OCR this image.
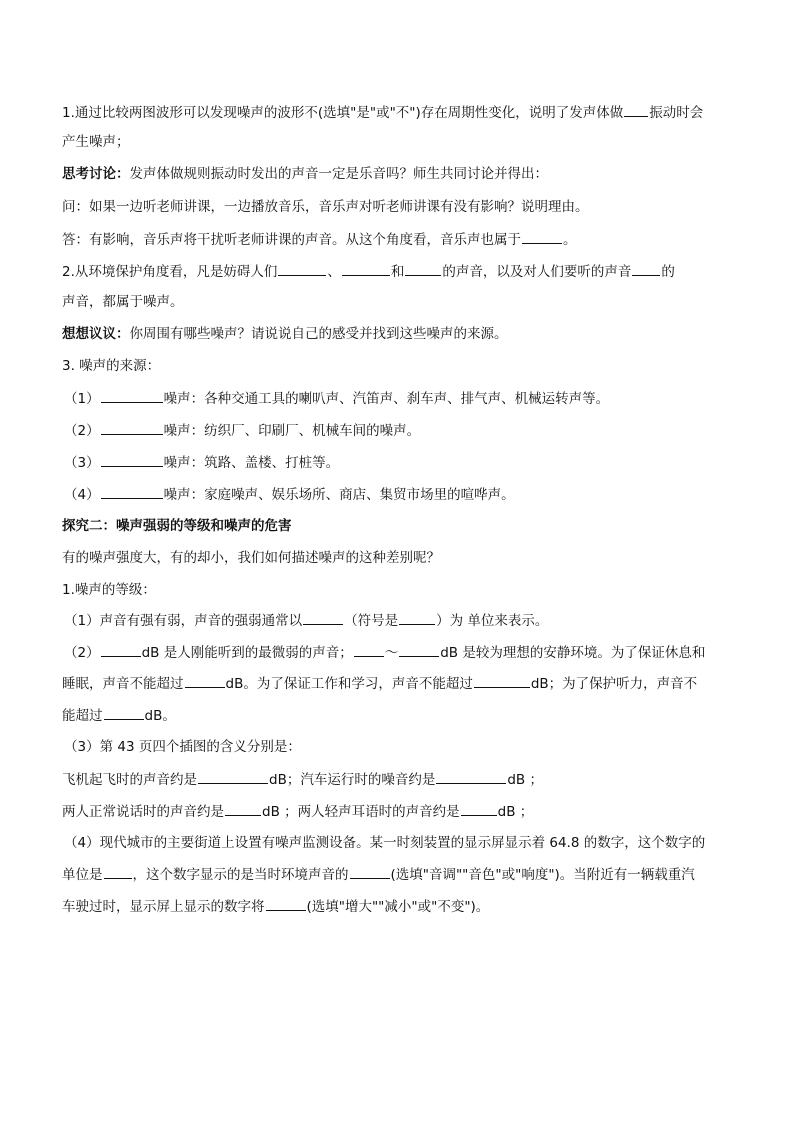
1.通过比较两图波形可以发现噪声的波形不(选填"是"或"不")存在周期性变化，说明了发声体做 振动时会
产生噪声；
思考讨论：发声体做规则振动时发出的声音一定是乐音吗？师生共同讨论并得出：
问：如果一边听老师讲课，一边播放音乐，音乐声对听老师讲课有没有影响？说明理由。
答：有影响，音乐声将干扰听老师讲课的声音。从这个角度看，音乐声也属于	。
2.从环境保护角度看，凡是妨碍人们	、	和	的声音，以及对人们要听的声音 的
声音，都属于噪声。
想想议议：你周围有哪些噪声？请说说自己的感受并找到这些噪声的来源。
3. 噪声的来源：
（1）	噪声：各种交通工具的喇叭声、汽笛声、刹车声、排气声、机械运转声等。
（2）	噪声：纺织厂、印刷厂、机械车间的噪声。
（3）	噪声：筑路、盖楼、打桩等。
（4）	噪声：家庭噪声、娱乐场所、商店、集贸市场里的喧哗声。
探究二：噪声强弱的等级和噪声的危害
有的噪声强度大，有的却小，我们如何描述噪声的这种差别呢？
1.噪声的等级：
（1）声音有强有弱，声音的强弱通常以	（符号是	）为 单位来表示。
（2）	dB 是人刚能听到的最微弱的声音； ～	dB 是较为理想的安静环境。为了保证休息和
睡眠，声音不能超过	dB。为了保证工作和学习，声音不能超过	dB；为了保护听力，声音不
能超过	dB。
（3）第 43 页四个插图的含义分别是：
飞机起飞时的声音约是	dB；汽车运行时的噪音约是	dB ；
两人正常说话时的声音约是	dB ；两人轻声耳语时的声音约是	dB ；
（4）现代城市的主要街道上设置有噪声监测设备。某一时刻装置的显示屏显示着 64.8 的数字，这个数字的
单位是 ，这个数字显示的是当时环境声音的	(选填"音调""音色"或"响度")。当附近有一辆载重汽
车驶过时，显示屏上显示的数字将	(选填"增大""减小"或"不变")。
